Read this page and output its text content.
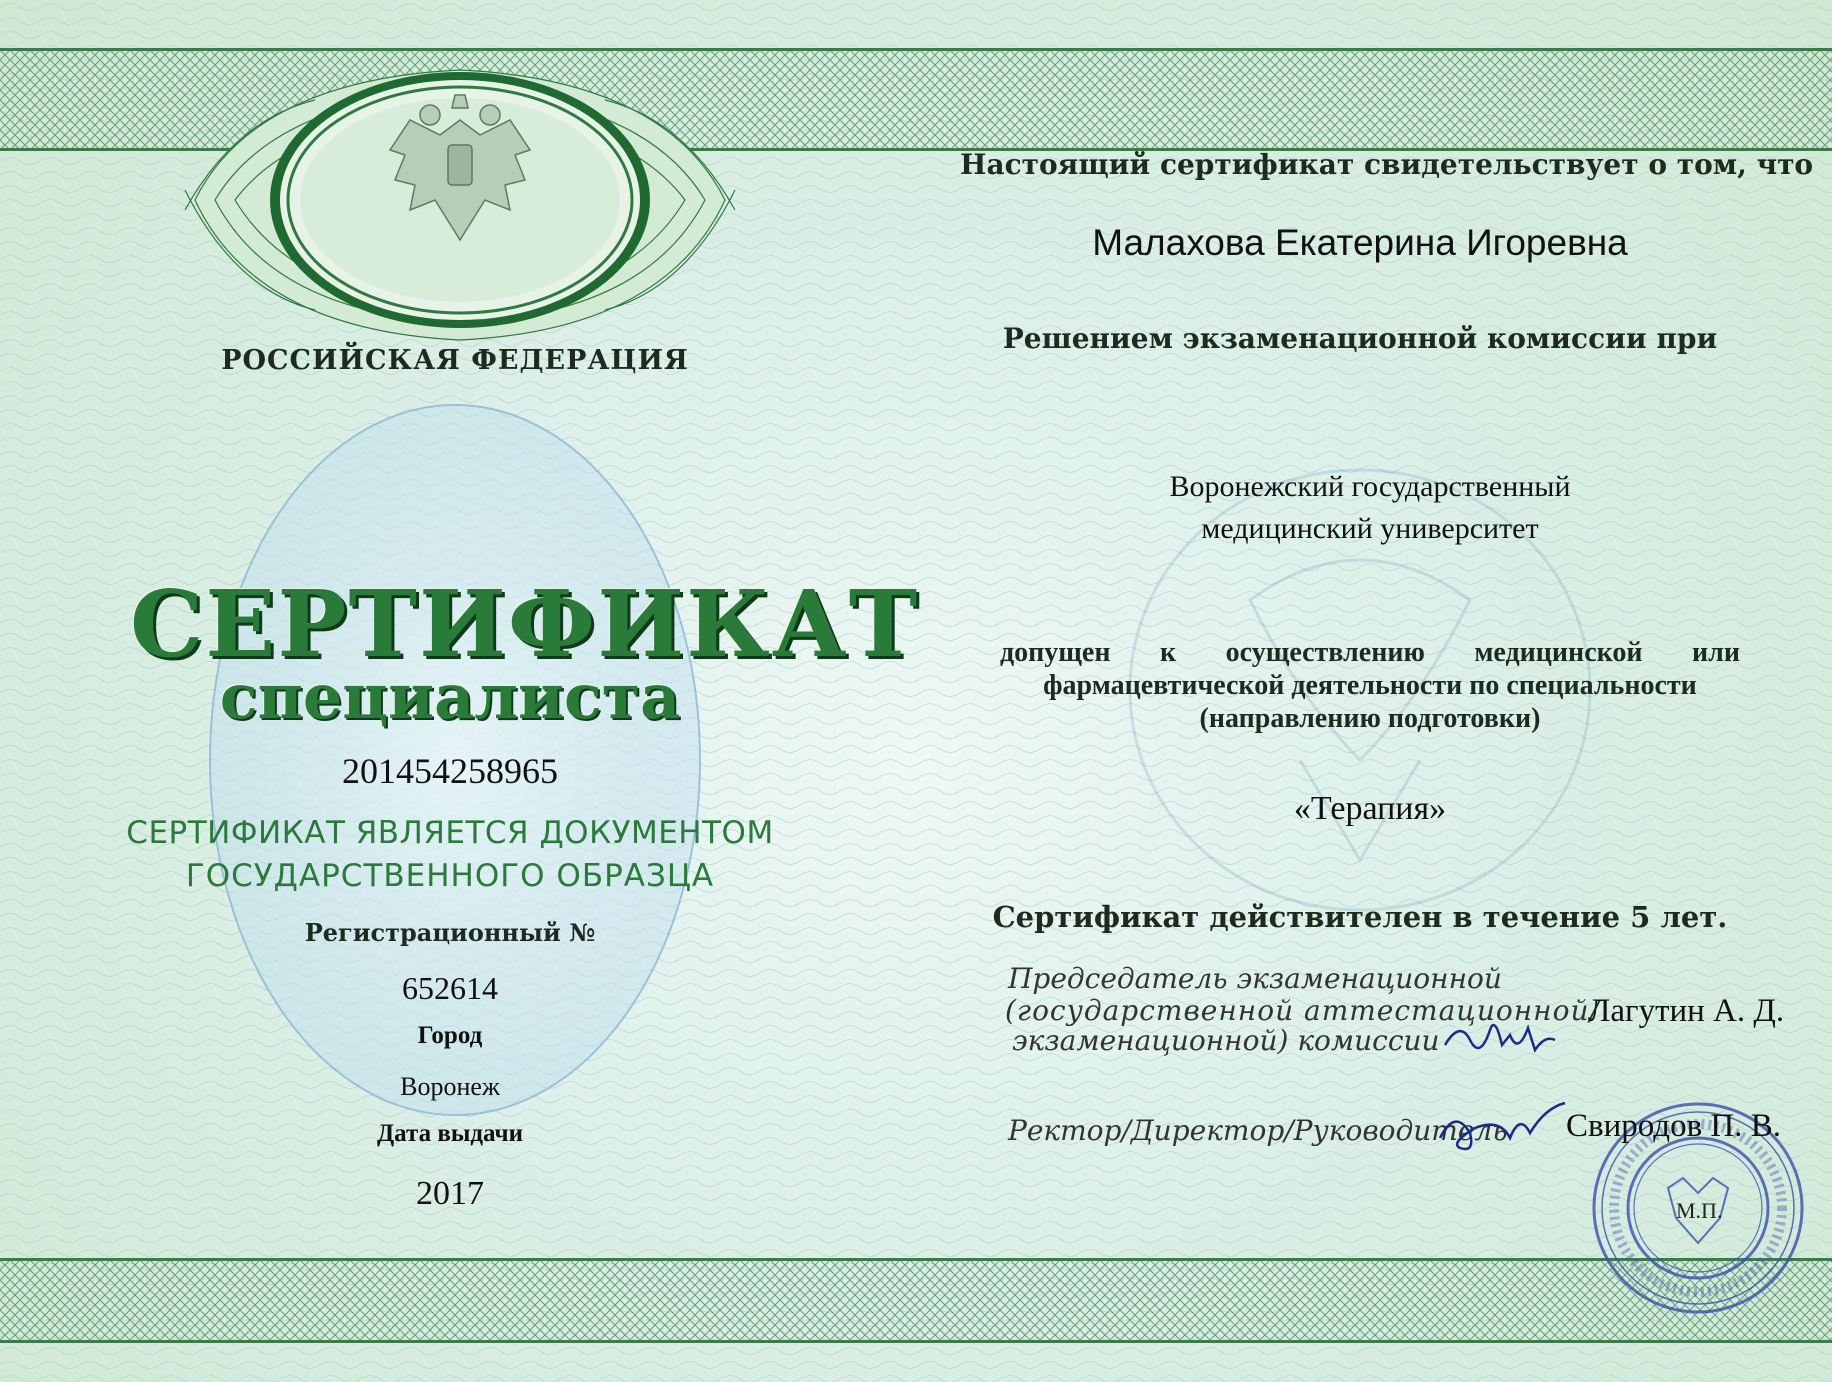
РОССИЙСКАЯ ФЕДЕРАЦИЯ
СЕРТИФИКАТ
специалиста
201454258965
СЕРТИФИКАТ ЯВЛЯЕТСЯ ДОКУМЕНТОМ
ГОСУДАРСТВЕННОГО ОБРАЗЦА
Регистрационный №
652614
Город
Воронеж
Дата выдачи
2017
Настоящий сертификат свидетельствует о том, что
Малахова Екатерина Игоревна
Решением экзаменационной комиссии при
Воронежский государственный
медицинский университет
допущен к осуществлению медицинской или
фармацевтической деятельности по специальности
(направлению подготовки)
«Терапия»
Сертификат действителен в течение 5 лет.
Председатель экзаменационной
(государственной аттестационной/
экзаменационной) комиссии
Лагутин А. Д.
Ректор/Директор/Руководитель Свиродов П. В.
М.П.
